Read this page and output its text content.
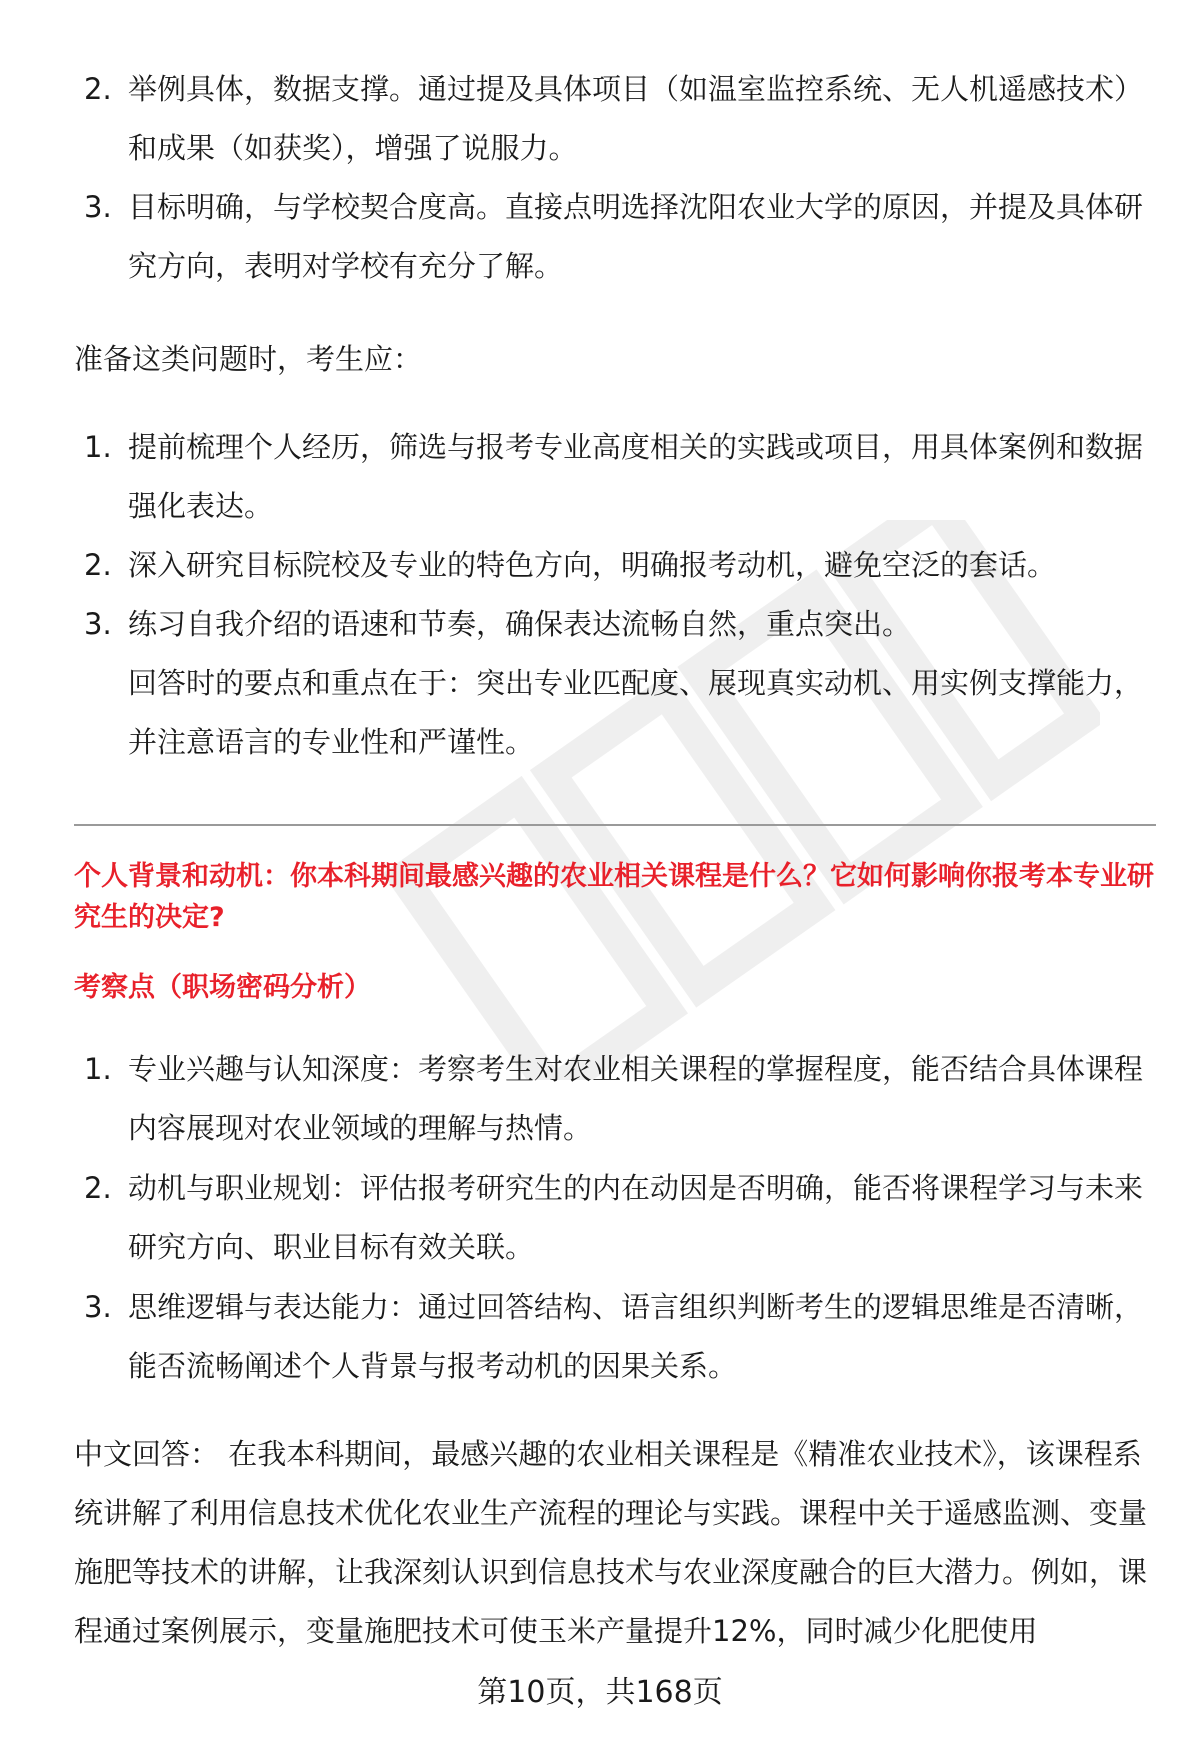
2. 举例具体，数据支撑。通过提及具体项目（如温室监控系统、无人机遥感技术）和成果（如获奖），增强了说服力。
3. 目标明确，与学校契合度高。直接点明选择沈阳农业大学的原因，并提及具体研究方向，表明对学校有充分了解。

准备这类问题时，考生应：

1. 提前梳理个人经历，筛选与报考专业高度相关的实践或项目，用具体案例和数据强化表达。
2. 深入研究目标院校及专业的特色方向，明确报考动机，避免空泛的套话。
3. 练习自我介绍的语速和节奏，确保表达流畅自然，重点突出。

回答时的要点和重点在于：突出专业匹配度、展现真实动机、用实例支撑能力，并注意语言的专业性和严谨性。

个人背景和动机：你本科期间最感兴趣的农业相关课程是什么？它如何影响你报考本专业研究生的决定?

考察点（职场密码分析）

1. 专业兴趣与认知深度：考察考生对农业相关课程的掌握程度，能否结合具体课程内容展现对农业领域的理解与热情。
2. 动机与职业规划：评估报考研究生的内在动因是否明确，能否将课程学习与未来研究方向、职业目标有效关联。
3. 思维逻辑与表达能力：通过回答结构、语言组织判断考生的逻辑思维是否清晰，能否流畅阐述个人背景与报考动机的因果关系。

中文回答： 在我本科期间，最感兴趣的农业相关课程是《精准农业技术》，该课程系统讲解了利用信息技术优化农业生产流程的理论与实践。课程中关于遥感监测、变量施肥等技术的讲解，让我深刻认识到信息技术与农业深度融合的巨大潜力。例如，课程通过案例展示，变量施肥技术可使玉米产量提升12%，同时减少化肥使用

第10页，共168页
